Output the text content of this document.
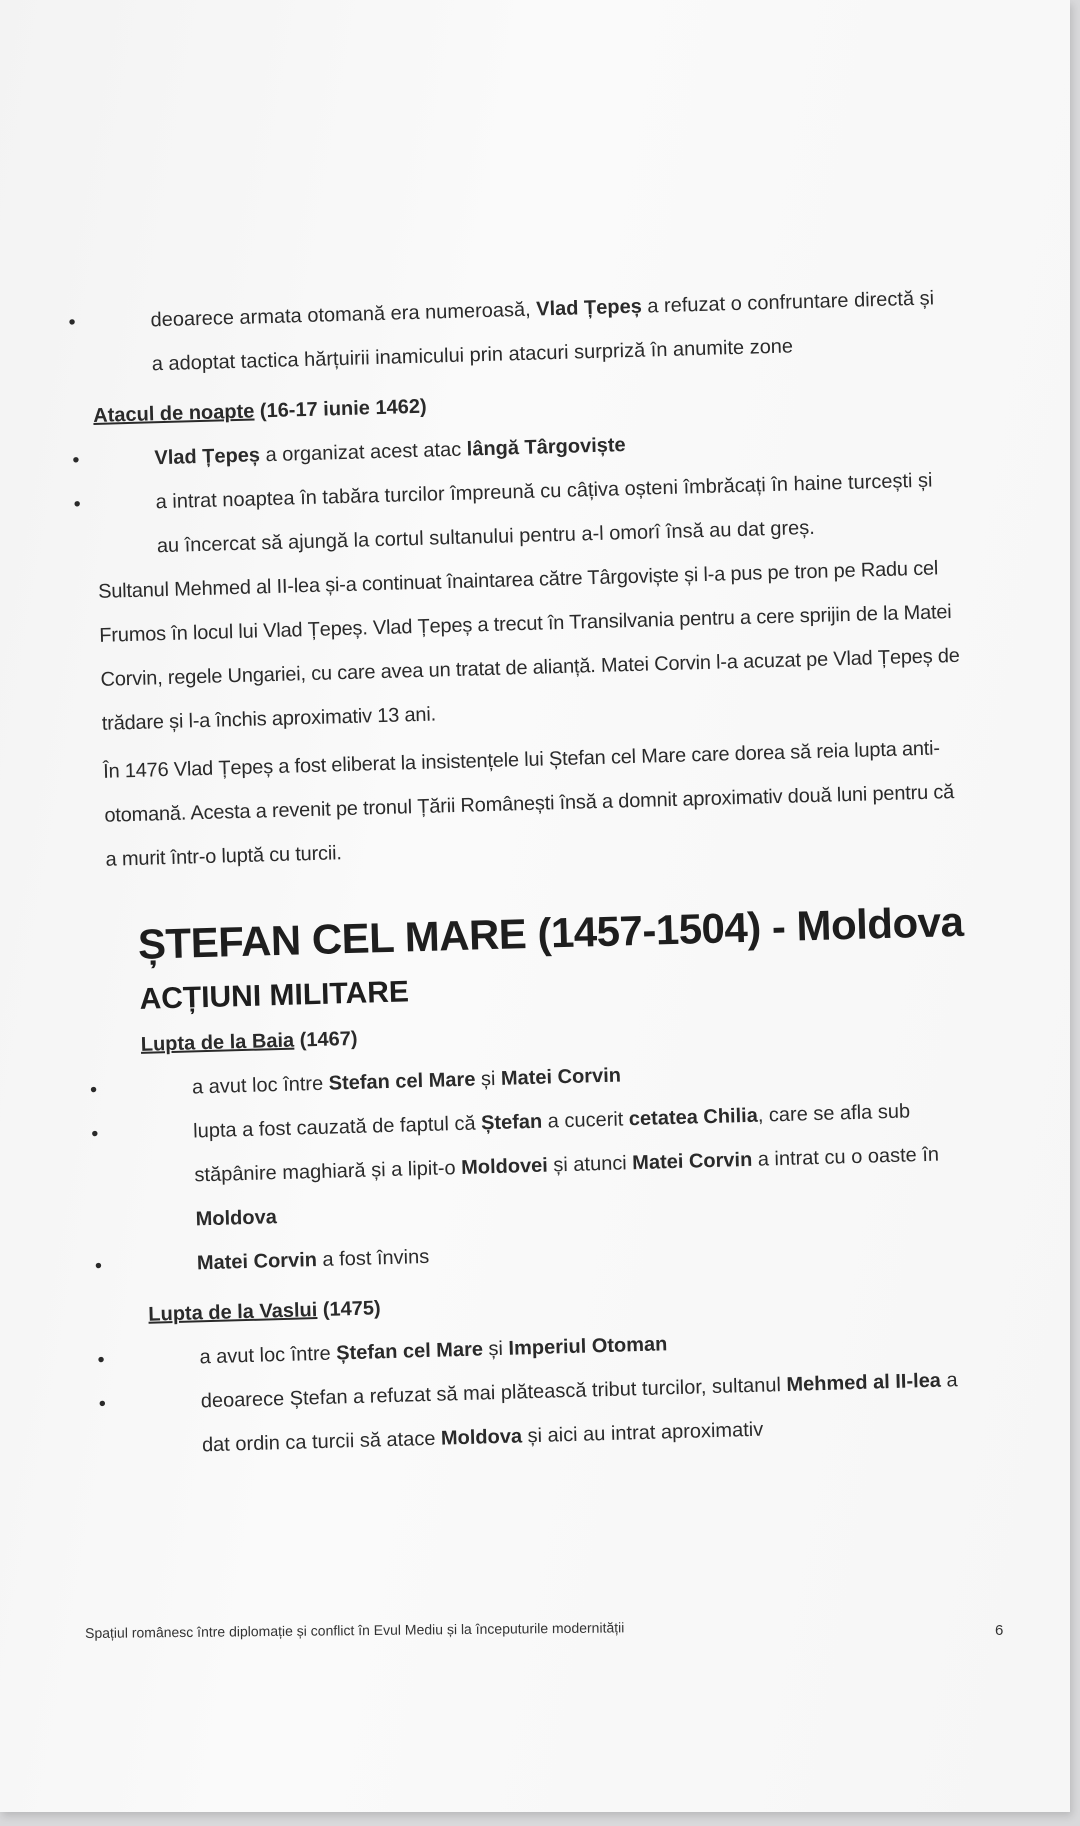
• deoarece armata otomană era numeroasă, Vlad Țepeș a refuzat o confruntare directă și a adoptat tactica hărțuirii inamicului prin atacuri surpriză în anumite zone
Atacul de noapte (16-17 iunie 1462)
• Vlad Țepeș a organizat acest atac lângă Târgoviște
• a intrat noaptea în tabăra turcilor împreună cu câțiva oșteni îmbrăcați în haine turcești și au încercat să ajungă la cortul sultanului pentru a-l omorî însă au dat greș.

Sultanul Mehmed al II-lea și-a continuat înaintarea către Târgoviște și l-a pus pe tron pe Radu cel Frumos în locul lui Vlad Țepeș. Vlad Țepeș a trecut în Transilvania pentru a cere sprijin de la Matei Corvin, regele Ungariei, cu care avea un tratat de alianță. Matei Corvin l-a acuzat pe Vlad Țepeș de trădare și l-a închis aproximativ 13 ani.

În 1476 Vlad Țepeș a fost eliberat la insistențele lui Ștefan cel Mare care dorea să reia lupta anti-otomană. Acesta a revenit pe tronul Țării Românești însă a domnit aproximativ două luni pentru că a murit într-o luptă cu turcii.

ȘTEFAN CEL MARE (1457-1504) - Moldova
ACȚIUNI MILITARE
Lupta de la Baia (1467)
• a avut loc între Stefan cel Mare și Matei Corvin
• lupta a fost cauzată de faptul că Ștefan a cucerit cetatea Chilia, care se afla sub stăpânire maghiară și a lipit-o Moldovei și atunci Matei Corvin a intrat cu o oaste în Moldova
• Matei Corvin a fost învins
Lupta de la Vaslui (1475)
• a avut loc între Ștefan cel Mare și Imperiul Otoman
• deoarece Ștefan a refuzat să mai plătească tribut turcilor, sultanul Mehmed al II-lea a dat ordin ca turcii să atace Moldova și aici au intrat aproximativ
Spațiul românesc între diplomație și conflict în Evul Mediu și la începuturile modernității	6
